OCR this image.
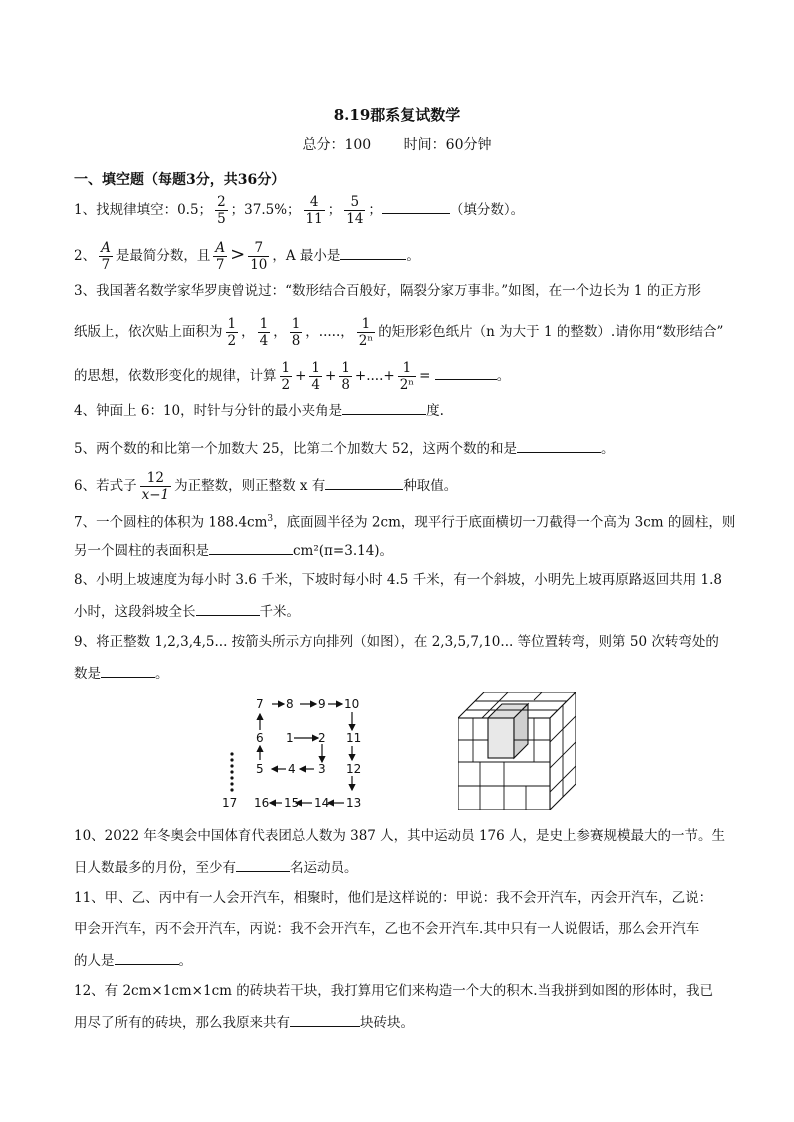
8.19郡系复试数学
总分：100 时间：60分钟
一、填空题（每题3分，共36分）
1、找规律填空：0.5； $\frac{2}{5}$ ；37.5%； $\frac{4}{11}$ ； $\frac{5}{14}$ ；	（填分数）。
2、 $\frac{A}{7}$ 是最简分数，且 $\frac{A}{7} > \frac{7}{10}$ ，A 最小是	。
3、我国著名数学家华罗庚曾说过：“数形结合百般好，隔裂分家万事非。”如图，在一个边长为 1 的正方形
纸版上，依次贴上面积为 $\frac{1}{2}$ ， $\frac{1}{4}$ ， $\frac{1}{8}$ ，.....， $\frac{1}{\text{2ⁿ}}$ 的矩形彩色纸片（n 为大于 1 的整数）.请你用“数形结合”
的思想，依数形变化的规律，计算 $\frac{1}{2} + \frac{1}{4} + \frac{1}{8}$ +....+ $\frac{1}{\text{2ⁿ}}$ =	。
4、钟面上 6：10，时针与分针的最小夹角是	度.
5、两个数的和比第一个加数大 25，比第二个加数大 52，这两个数的和是	。
6、若式子 $\frac{12}{x-1}$ 为正整数，则正整数 x 有	种取值。
7、一个圆柱的体积为 $188.4cm^3$，底面圆半径为 2cm，现平行于底面横切一刀截得一个高为 3cm 的圆柱，则
另一个圆柱的表面积是	cm²(π=3.14)。
8、小明上坡速度为每小时 3.6 千米，下坡时每小时 4.5 千米，有一个斜坡，小明先上坡再原路返回共用 1.8
小时，这段斜坡全长	千米。
9、将正整数 1,2,3,4,5... 按箭头所示方向排列（如图），在 2,3,5,7,10... 等位置转弯，则第 50 次转弯处的
数是	。
7 8 9 10
6 1 2 11
5 4 3 12
17 16 15 14 13
10、2022 年冬奥会中国体育代表团总人数为 387 人，其中运动员 176 人，是史上参赛规模最大的一节。生
日人数最多的月份，至少有	名运动员。
11、甲、乙、丙中有一人会开汽车，相聚时，他们是这样说的：甲说：我不会开汽车，丙会开汽车，乙说：
甲会开汽车，丙不会开汽车，丙说：我不会开汽车，乙也不会开汽车.其中只有一人说假话，那么会开汽车
的人是	。
12、有 2cm×1cm×1cm 的砖块若干块，我打算用它们来构造一个大的积木.当我拼到如图的形体时，我已
用尽了所有的砖块，那么我原来共有	块砖块。
